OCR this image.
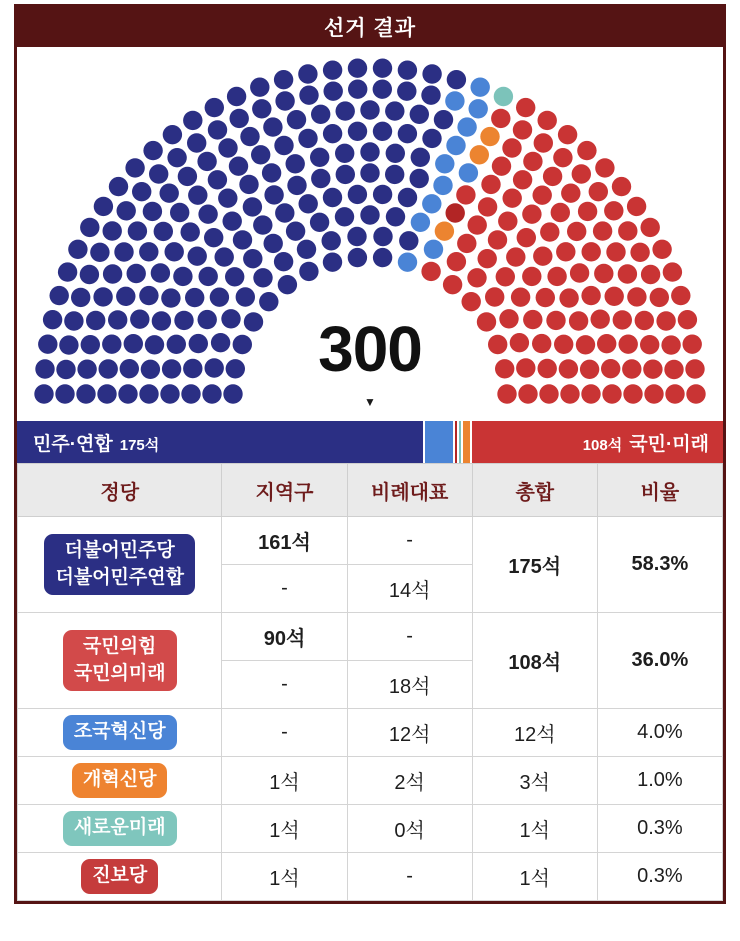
선거 결과
300
▼
민주·연합 175석	108석 국민·미래
정당	지역구	비례대표	총합	비율
더불어민주당
더불어민주연합	161석	-	175석	58.3%
	-	14석		
국민의힘
국민의미래	90석	-	108석	36.0%
	-	18석		
조국혁신당	-	12석	12석	4.0%
개혁신당	1석	2석	3석	1.0%
새로운미래	1석	0석	1석	0.3%
진보당	1석	-	1석	0.3%
